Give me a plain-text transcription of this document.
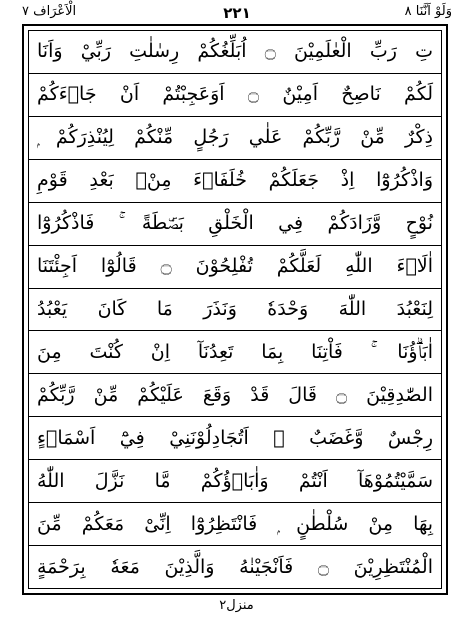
وَلَوْ اَنَّنَا ۸
۲۲۱
الْاَعْرَاف ۷
تِ رَبِّ الْعٰلَمِيْنَ ۝ اُبَلِّغُكُمْ رِسٰلٰتِ رَبِّيْ وَاَنَا
لَكُمْ نَاصِحٌ اَمِيْنٌ ۝ اَوَعَجِبْتُمْ اَنْ جَاۗءَكُمْ
ذِكْرٌ مِّنْ رَّبِّكُمْ عَلٰي رَجُلٍ مِّنْكُمْ لِيُنْذِرَكُمْ ۭ
وَاذْكُرُوْٓا اِذْ جَعَلَكُمْ خُلَفَاۗءَ مِنْۢ بَعْدِ قَوْمِ
نُوْحٍ وَّزَادَكُمْ فِي الْخَلْقِ بَصْۜطَةً ۚ فَاذْكُرُوْٓا
اٰلَاۗءَ اللّٰهِ لَعَلَّكُمْ تُفْلِحُوْنَ ۝ قَالُوْٓا اَجِئْتَنَا
لِنَعْبُدَ اللّٰهَ وَحْدَهٗ وَنَذَرَ مَا كَانَ يَعْبُدُ
اٰبَاۗؤُنَا ۚ فَاْتِنَا بِمَا تَعِدُنَآ اِنْ كُنْتَ مِنَ
الصّٰدِقِيْنَ ۝ قَالَ قَدْ وَقَعَ عَلَيْكُمْ مِّنْ رَّبِّكُمْ
رِجْسٌ وَّغَضَبٌ ۭ اَتُجَادِلُوْنَنِيْ فِيْٓ اَسْمَاۗءٍ
سَمَّيْتُمُوْهَآ اَنْتُمْ وَاٰبَاۗؤُكُمْ مَّا نَزَّلَ اللّٰهُ
بِهَا مِنْ سُلْطٰنٍ ۭ فَانْتَظِرُوْٓا اِنِّىْ مَعَكُمْ مِّنَ
الْمُنْتَظِرِيْنَ ۝ فَاَنْجَيْنٰهُ وَالَّذِيْنَ مَعَهٗ بِرَحْمَةٍ
منزل۲
